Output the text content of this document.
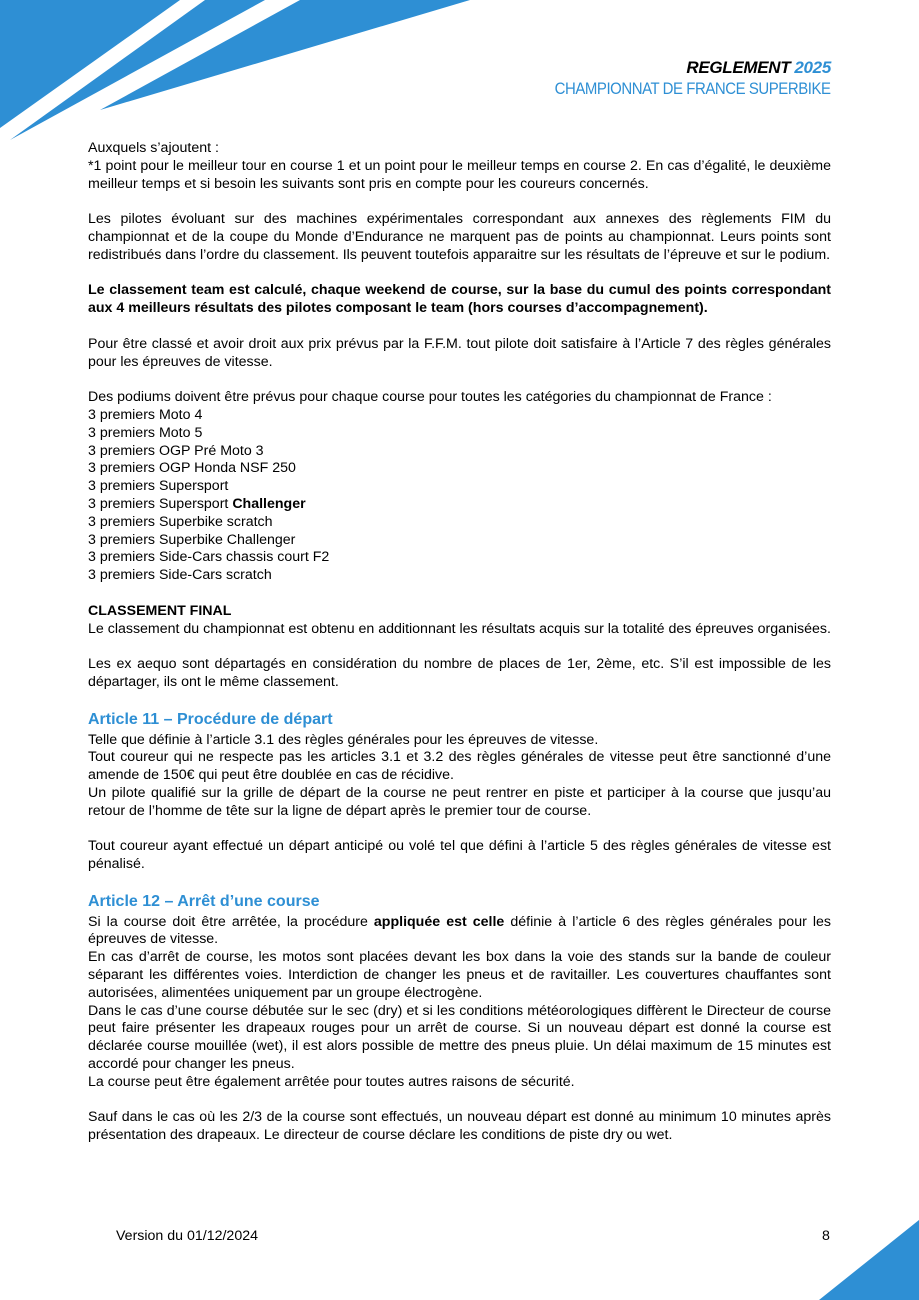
REGLEMENT 2025
CHAMPIONNAT DE FRANCE SUPERBIKE

Auxquels s’ajoutent :
*1 point pour le meilleur tour en course 1 et un point pour le meilleur temps en course 2. En cas d’égalité, le deuxième meilleur temps et si besoin les suivants sont pris en compte pour les coureurs concernés.

Les pilotes évoluant sur des machines expérimentales correspondant aux annexes des règlements FIM du championnat et de la coupe du Monde d’Endurance ne marquent pas de points au championnat. Leurs points sont redistribués dans l’ordre du classement. Ils peuvent toutefois apparaitre sur les résultats de l’épreuve et sur le podium.

Le classement team est calculé, chaque weekend de course, sur la base du cumul des points correspondant aux 4 meilleurs résultats des pilotes composant le team (hors courses d’accompagnement).

Pour être classé et avoir droit aux prix prévus par la F.F.M. tout pilote doit satisfaire à l’Article 7 des règles générales pour les épreuves de vitesse.

Des podiums doivent être prévus pour chaque course pour toutes les catégories du championnat de France :

3 premiers Moto 4
3 premiers Moto 5
3 premiers OGP Pré Moto 3
3 premiers OGP Honda NSF 250
3 premiers Supersport
3 premiers Supersport Challenger
3 premiers Superbike scratch
3 premiers Superbike Challenger
3 premiers Side-Cars chassis court F2
3 premiers Side-Cars scratch

CLASSEMENT FINAL
Le classement du championnat est obtenu en additionnant les résultats acquis sur la totalité des épreuves organisées.

Les ex aequo sont départagés en considération du nombre de places de 1er, 2ème, etc. S’il est impossible de les départager, ils ont le même classement.

Article 11 – Procédure de départ

Telle que définie à l’article 3.1 des règles générales pour les épreuves de vitesse.
Tout coureur qui ne respecte pas les articles 3.1 et 3.2 des règles générales de vitesse peut être sanctionné d’une amende de 150€ qui peut être doublée en cas de récidive.
Un pilote qualifié sur la grille de départ de la course ne peut rentrer en piste et participer à la course que jusqu’au retour de l’homme de tête sur la ligne de départ après le premier tour de course.

Tout coureur ayant effectué un départ anticipé ou volé tel que défini à l’article 5 des règles générales de vitesse est pénalisé.

Article 12 – Arrêt d’une course

Si la course doit être arrêtée, la procédure appliquée est celle définie à l’article 6 des règles générales pour les épreuves de vitesse.
En cas d’arrêt de course, les motos sont placées devant les box dans la voie des stands sur la bande de couleur séparant les différentes voies. Interdiction de changer les pneus et de ravitailler. Les couvertures chauffantes sont autorisées, alimentées uniquement par un groupe électrogène.
Dans le cas d’une course débutée sur le sec (dry) et si les conditions météorologiques diffèrent le Directeur de course peut faire présenter les drapeaux rouges pour un arrêt de course. Si un nouveau départ est donné la course est déclarée course mouillée (wet), il est alors possible de mettre des pneus pluie. Un délai maximum de 15 minutes est accordé pour changer les pneus.
La course peut être également arrêtée pour toutes autres raisons de sécurité.

Sauf dans le cas où les 2/3 de la course sont effectués, un nouveau départ est donné au minimum 10 minutes après présentation des drapeaux. Le directeur de course déclare les conditions de piste dry ou wet.

Version du 01/12/2024	8
